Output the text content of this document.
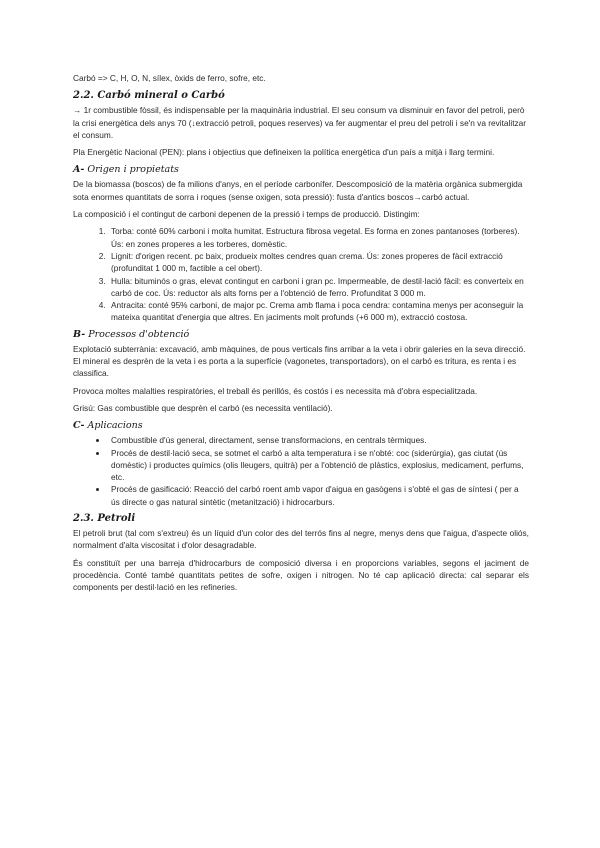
Carbó => C, H, O, N, sílex, òxids de ferro, sofre, etc.

2.2. Carbó mineral o Carbó

→ 1r combustible fòssil, és indispensable per la maquinària industrial. El seu consum va disminuir en favor del petroli, però la crisi energètica dels anys 70 (↓extracció petroli, poques reserves) va fer augmentar el preu del petroli i se'n va revitalitzar el consum.

Pla Energètic Nacional (PEN): plans i objectius que defineixen la política energètica d'un país a mitjà i llarg termini.

A- Origen i propietats

De la biomassa (boscos) de fa milions d'anys, en el període carbonífer. Descomposició de la matèria orgànica submergida sota enormes quantitats de sorra i roques (sense oxigen, sota pressió): fusta d'antics boscos→carbó actual.

La composició i el contingut de carboni depenen de la pressió i temps de producció. Distingim:

1. Torba: conté 60% carboni i molta humitat. Estructura fibrosa vegetal. Es forma en zones pantanoses (torberes). Ús: en zones properes a les torberes, domèstic.
2. Lignit: d'origen recent. pc baix, produeix moltes cendres quan crema. Ús: zones properes de fàcil extracció (profunditat 1 000 m, factible a cel obert).
3. Hulla: bituminós o gras, elevat contingut en carboni i gran pc. Impermeable, de destil·lació fàcil: es converteix en carbó de coc. Ús: reductor als alts forns per a l'obtenció de ferro. Profunditat 3 000 m.
4. Antracita: conté 95% carboni, de major pc. Crema amb flama i poca cendra: contamina menys per aconseguir la mateixa quantitat d'energia que altres. En jaciments molt profunds (+6 000 m), extracció costosa.
B- Processos d'obtenció

Explotació subterrània: excavació, amb màquines, de pous verticals fins arribar a la veta i obrir galeries en la seva direcció. El mineral es desprèn de la veta i es porta a la superfície (vagonetes, transportadors), on el carbó es tritura, es renta i es classifica.

Provoca moltes malalties respiratòries, el treball és perillós, és costós i es necessita mà d'obra especialitzada.

Grisú: Gas combustible que desprèn el carbó (es necessita ventilació).

C- Aplicacions
• Combustible d'ús general, directament, sense transformacions, en centrals tèrmiques.
• Procés de destil·lació seca, se sotmet el carbó a alta temperatura i se n'obté: coc (siderúrgia), gas ciutat (ús domèstic) i productes químics (olis lleugers, quitrà) per a l'obtenció de plàstics, explosius, medicament, perfums, etc.
• Procés de gasificació: Reacció del carbó roent amb vapor d'aigua en gasògens i s'obté el gas de síntesi ( per a ús directe o gas natural sintètic (metanització) i hidrocarburs.
2.3. Petroli

El petroli brut (tal com s'extreu) és un líquid d'un color des del terrós fins al negre, menys dens que l'aigua, d'aspecte oliós, normalment d'alta viscositat i d'olor desagradable.

És constituït per una barreja d'hidrocarburs de composició diversa i en proporcions variables, segons el jaciment de procedència. Conté també quantitats petites de sofre, oxigen i nitrogen. No té cap aplicació directa: cal separar els components per destil·lació en les refineries.
